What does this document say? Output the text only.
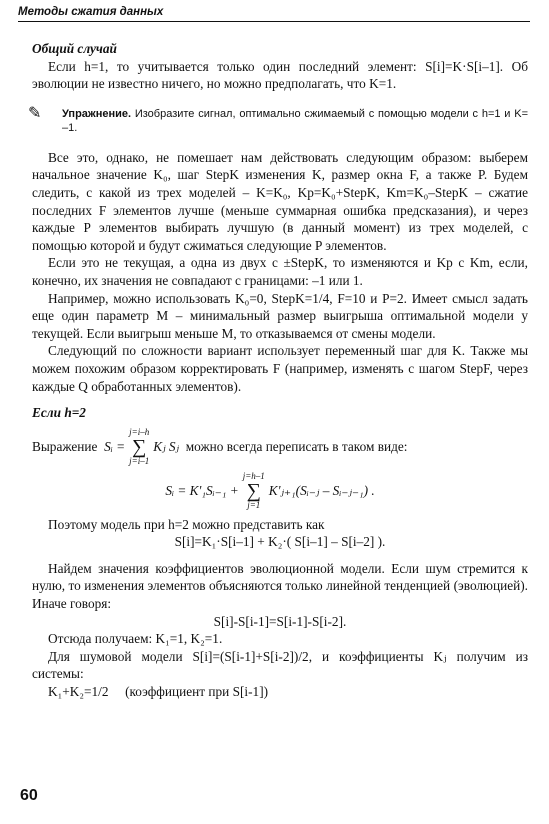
Методы сжатия данных

Общий случай

Если h=1, то учитывается только один последний элемент: S[i]=K·S[i–1]. Об эволюции не известно ничего, но можно предполагать, что K=1.

✎	Упражнение. Изобразите сигнал, оптимально сжимаемый с помощью модели с h=1 и K= –1.

Все это, однако, не помешает нам действовать следующим образом: выберем начальное значение K₀, шаг StepK изменения K, размер окна F, а также P. Будем следить, с какой из трех моделей – K=K₀, Kp=K₀+StepK, Km=K₀–StepK – сжатие последних F элементов лучше (меньше суммарная ошибка предсказания), и через каждые P элементов выбирать лучшую (в данный момент) из трех моделей, с помощью которой и будут сжиматься следующие P элементов.

Если это не текущая, а одна из двух с ±StepK, то изменяются и Kp с Km, если, конечно, их значения не совпадают с границами: –1 или 1.

Например, можно использовать K₀=0, StepK=1/4, F=10 и P=2. Имеет смысл задать еще один параметр M – минимальный размер выигрыша оптимальной модели у текущей. Если выигрыш меньше M, то отказываемся от смены модели.

Следующий по сложности вариант использует переменный шаг для K. Также мы можем похожим образом корректировать F (например, изменять с шагом StepF, через каждые Q обработанных элементов).

Если h=2

Выражение
Sᵢ =
j=i–h
∑
j=i–1
Kⱼ Sⱼ
можно всегда переписать в таком виде:
Sᵢ = K'₁Sᵢ₋₁ +
j=h–1
∑
j=1
K'ⱼ₊₁(Sᵢ₋ⱼ – Sᵢ₋ⱼ₋₁) .

Поэтому модель при h=2 можно представить как

S[i]=K₁·S[i–1] + K₂·( S[i–1] – S[i–2] ).

Найдем значения коэффициентов эволюционной модели. Если шум стремится к нулю, то изменения элементов объясняются только линейной тенденцией (эволюцией). Иначе говоря:

S[i]-S[i-1]=S[i-1]-S[i-2].

Отсюда получаем: K₁=1, K₂=1.

Для шумовой модели S[i]=(S[i-1]+S[i-2])/2, и коэффициенты Kⱼ получим из системы:

K₁+K₂=1/2     (коэффициент при S[i-1])

60
